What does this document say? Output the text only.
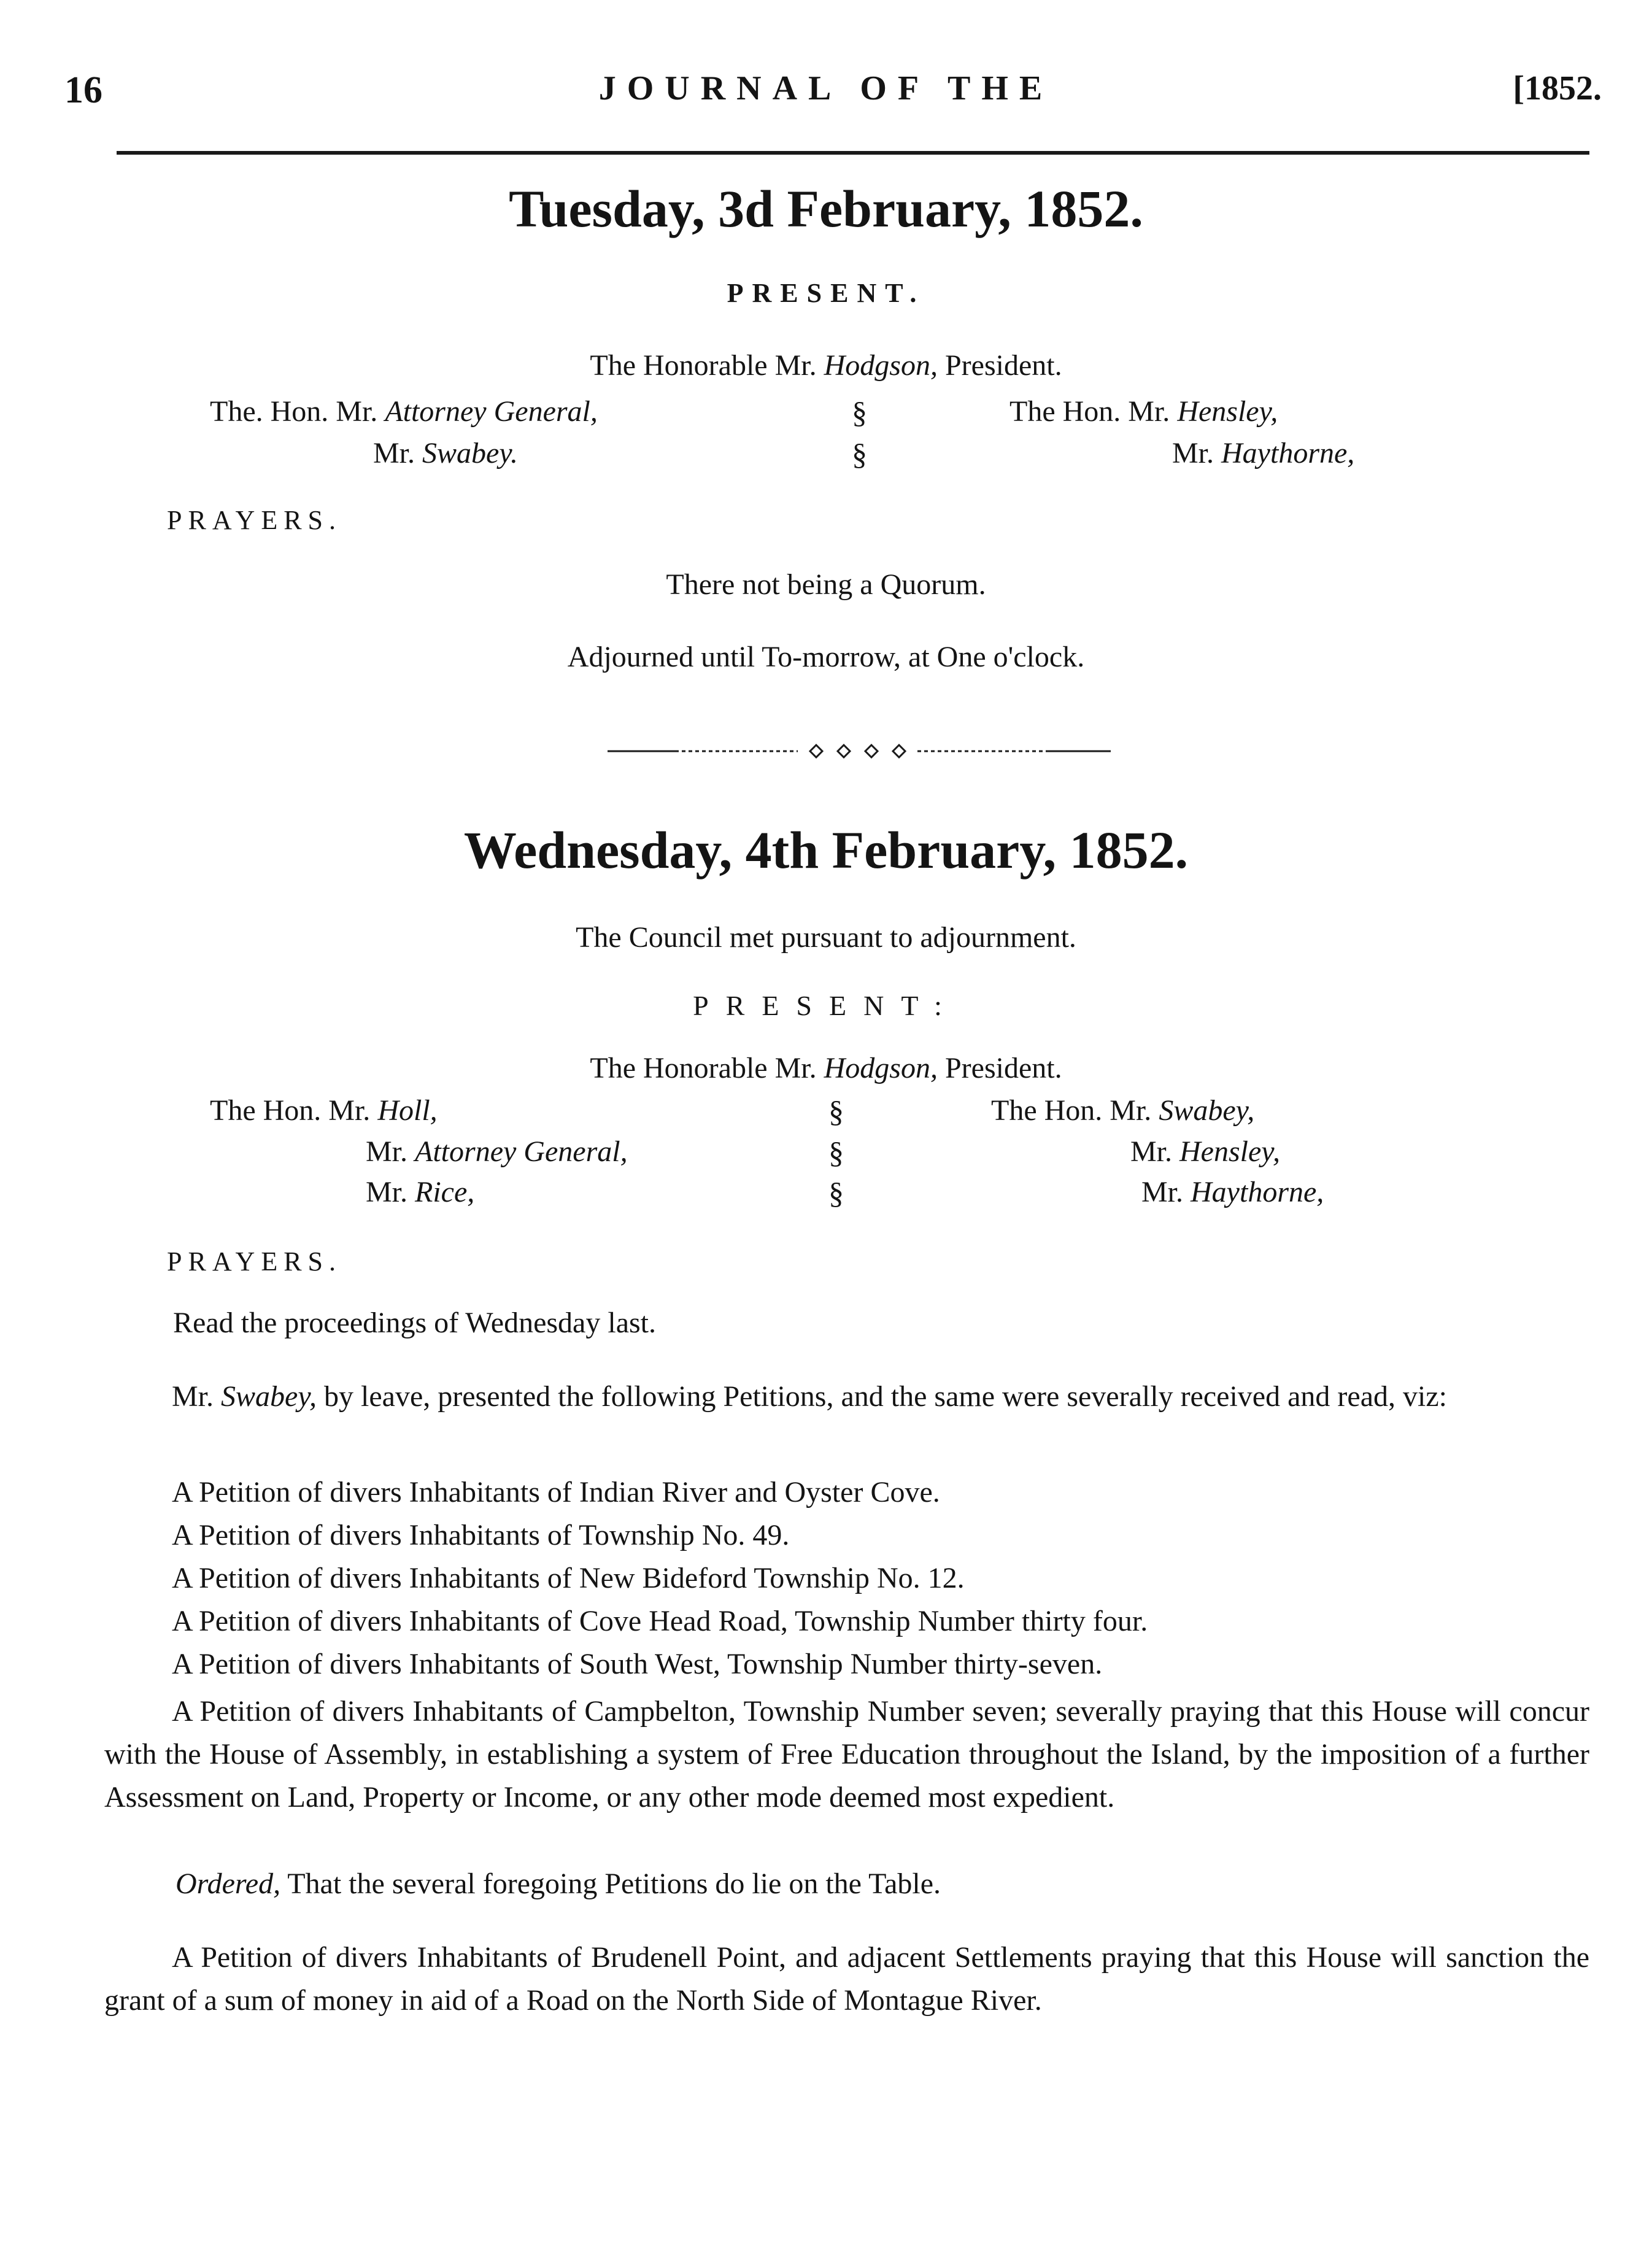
16	JOURNAL OF THE	[1852.
Tuesday, 3d February, 1852.
PRESENT.
The Honorable Mr. Hodgson, President.
The. Hon. Mr. Attorney General,
Mr. Swabey.
§
§
The Hon. Mr. Hensley,
Mr. Haythorne,
PRAYERS.
There not being a Quorum.
Adjourned until To-morrow, at One o'clock.
Wednesday, 4th February, 1852.
The Council met pursuant to adjournment.
PRESENT:
The Honorable Mr. Hodgson, President.
The Hon. Mr. Holl,
Mr. Attorney General,
Mr. Rice,
§
§
§
The Hon. Mr. Swabey,
Mr. Hensley,
Mr. Haythorne,
PRAYERS.
Read the proceedings of Wednesday last.
Mr. Swabey, by leave, presented the following Petitions, and the same were severally received and read, viz:
A Petition of divers Inhabitants of Indian River and Oyster Cove.
A Petition of divers Inhabitants of Township No. 49.
A Petition of divers Inhabitants of New Bideford Township No. 12.
A Petition of divers Inhabitants of Cove Head Road, Township Number thirty four.
A Petition of divers Inhabitants of South West, Township Number thirty-seven.
A Petition of divers Inhabitants of Campbelton, Township Number seven; severally praying that this House will concur with the House of Assembly, in establishing a system of Free Education throughout the Island, by the imposition of a further Assessment on Land, Property or Income, or any other mode deemed most expedient.
Ordered, That the several foregoing Petitions do lie on the Table.
A Petition of divers Inhabitants of Brudenell Point, and adjacent Settlements praying that this House will sanction the grant of a sum of money in aid of a Road on the North Side of Montague River.
